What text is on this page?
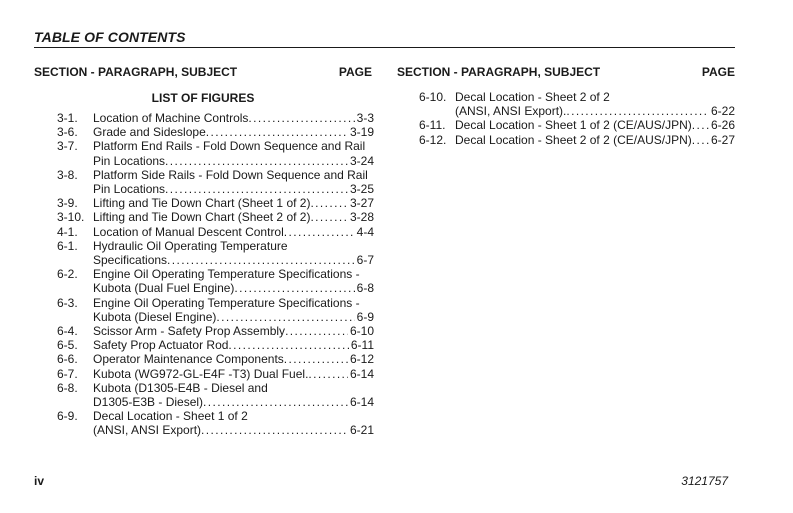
TABLE OF CONTENTS
SECTION - PARAGRAPH, SUBJECT	PAGE SECTION - PARAGRAPH, SUBJECT	PAGE
LIST OF FIGURES
3-1. Location of Machine Controls .....	3-3
3-6. Grade and Sideslope .....	3-19
3-7. Platform End Rails - Fold Down Sequence and Rail
Pin Locations .....	3-24
3-8. Platform Side Rails - Fold Down Sequence and Rail
Pin Locations .....	3-25
3-9. Lifting and Tie Down Chart (Sheet 1 of 2) .....	3-27
3-10. Lifting and Tie Down Chart (Sheet 2 of 2) .....	3-28
4-1. Location of Manual Descent Control .....	4-4
6-1. Hydraulic Oil Operating Temperature
Specifications .....	6-7
6-2. Engine Oil Operating Temperature Specifications -
Kubota (Dual Fuel Engine) .....	6-8
6-3. Engine Oil Operating Temperature Specifications -
Kubota (Diesel Engine) .....	6-9
6-4. Scissor Arm - Safety Prop Assembly .....	6-10
6-5. Safety Prop Actuator Rod .....	6-11
6-6. Operator Maintenance Components .....	6-12
6-7. Kubota (WG972-GL-E4F -T3) Dual Fuel. .....	6-14
6-8. Kubota (D1305-E4B - Diesel and
D1305-E3B - Diesel) .....	6-14
6-9. Decal Location - Sheet 1 of 2
(ANSI, ANSI Export) .....	6-21
6-10. Decal Location - Sheet 2 of 2
(ANSI, ANSI Export). .....	6-22
6-11. Decal Location - Sheet 1 of 2 (CE/AUS/JPN) ..... 6-26
6-12. Decal Location - Sheet 2 of 2 (CE/AUS/JPN) ..... 6-27
iv	3121757
